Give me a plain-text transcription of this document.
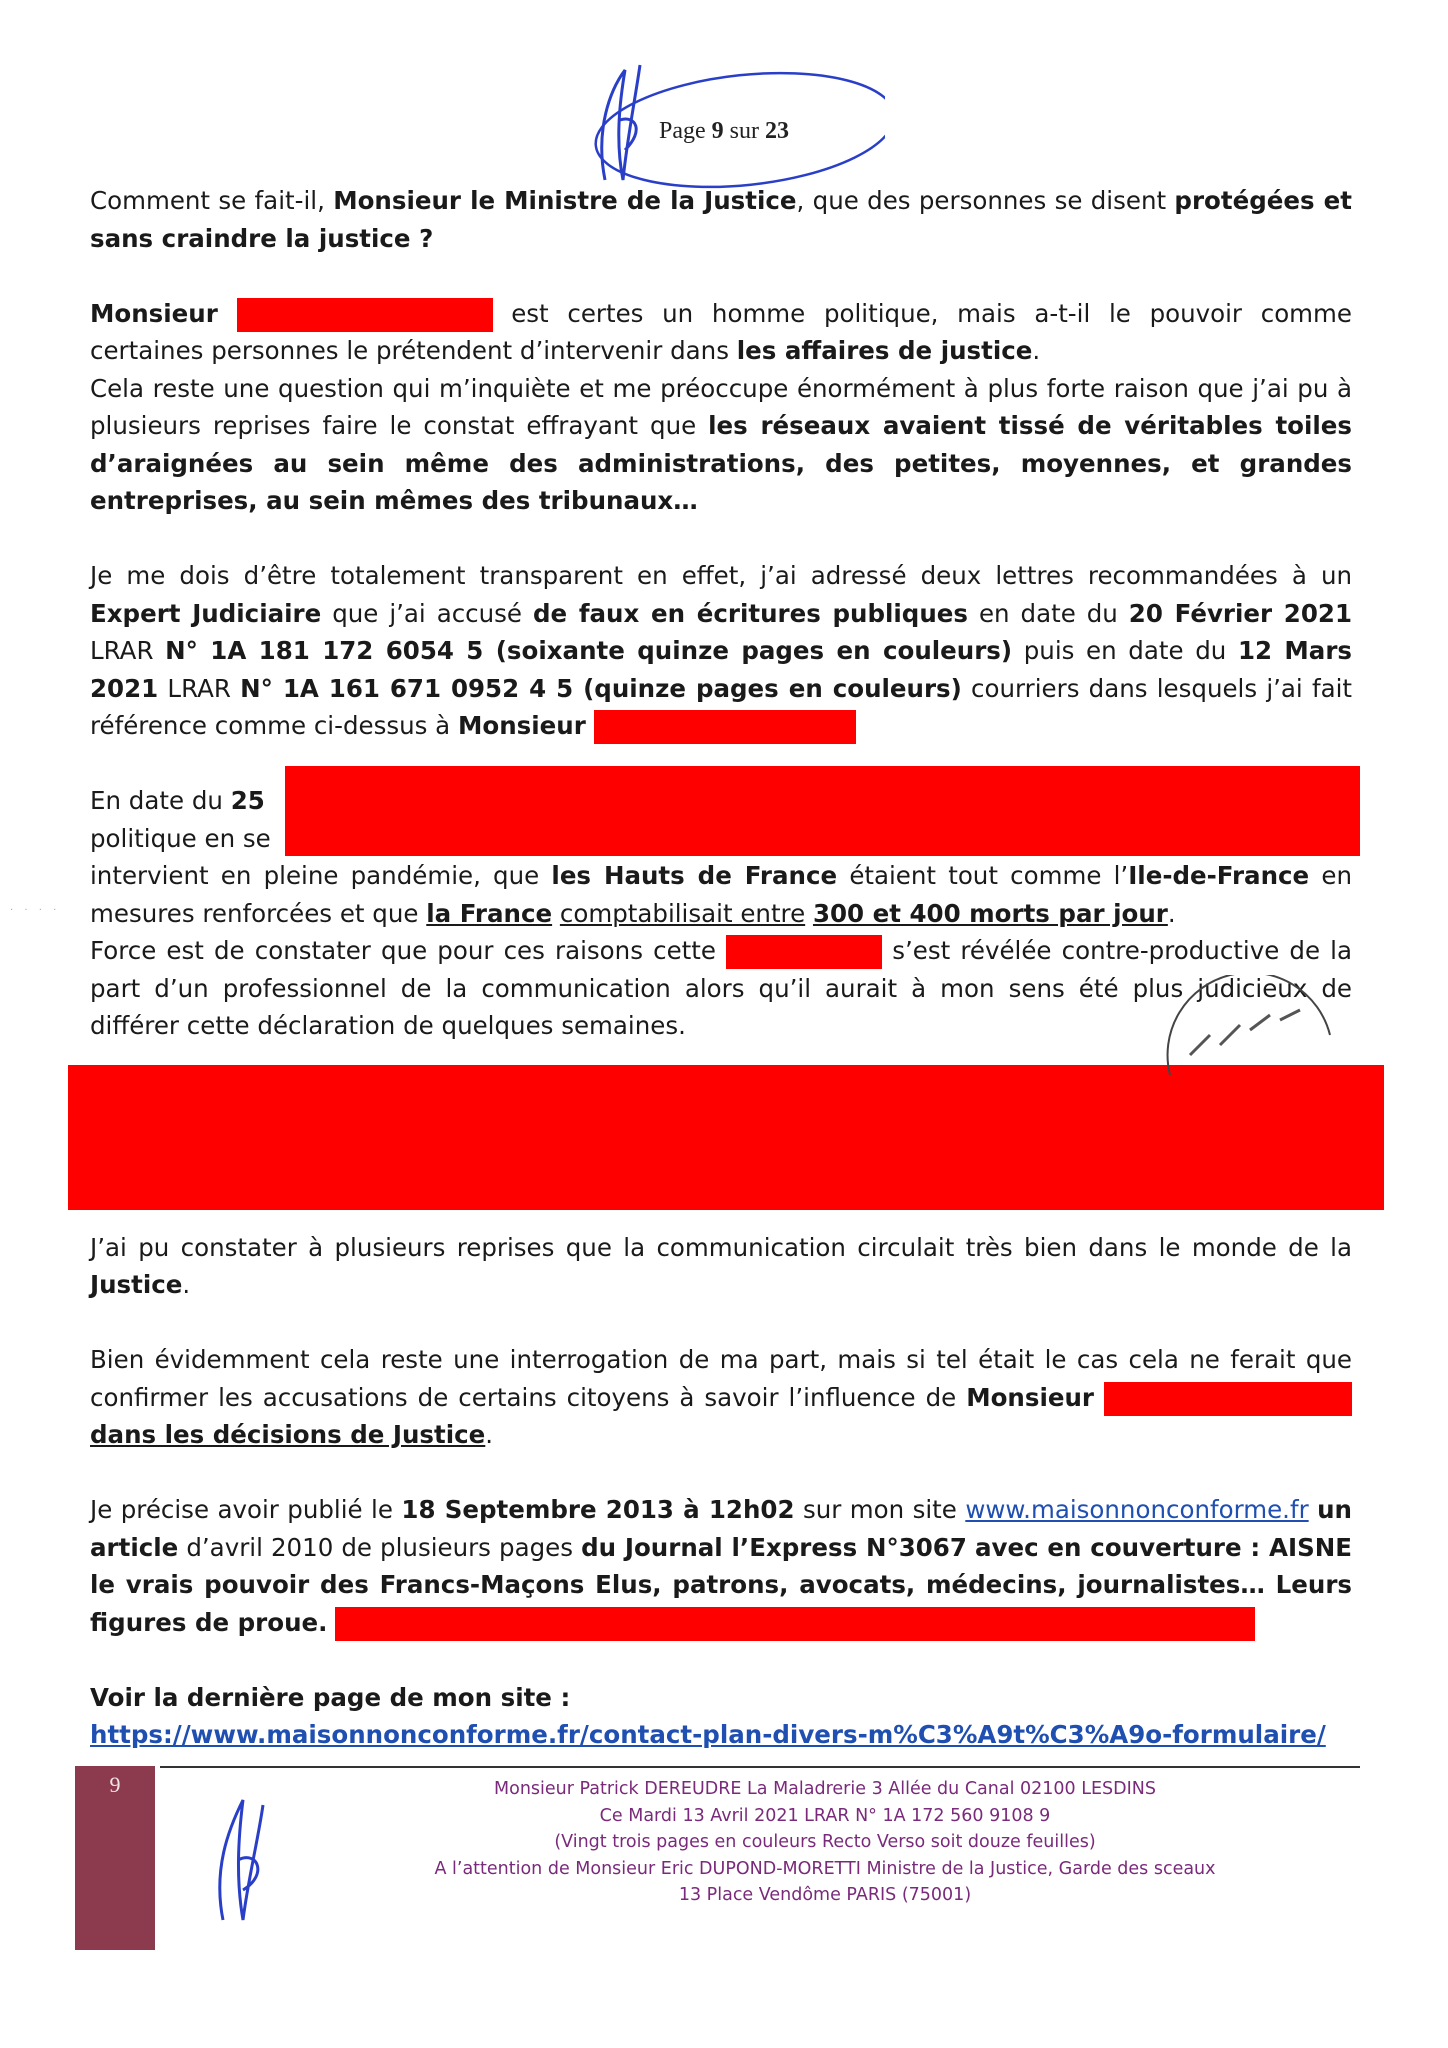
Page 9 sur 23

Comment se fait-il, Monsieur le Ministre de la Justice, que des personnes se disent protégées et sans craindre la justice ?

Monsieur	est certes un homme politique, mais a-t-il le pouvoir comme certaines personnes le prétendent d’intervenir dans les affaires de justice.

Cela reste une question qui m’inquiète et me préoccupe énormément à plus forte raison que j’ai pu à plusieurs reprises faire le constat effrayant que les réseaux avaient tissé de véritables toiles d’araignées au sein même des administrations, des petites, moyennes, et grandes entreprises, au sein mêmes des tribunaux…

Je me dois d’être totalement transparent en effet, j’ai adressé deux lettres recommandées à un Expert Judiciaire que j’ai accusé de faux en écritures publiques en date du 20 Février 2021 LRAR N° 1A 181 172 6054 5 (soixante quinze pages en couleurs) puis en date du 12 Mars 2021 LRAR N° 1A 161 671 0952 4 5 (quinze pages en couleurs) courriers dans lesquels j’ai fait référence comme ci-dessus à Monsieur

En date du 25
politique en se

intervient en pleine pandémie, que les Hauts de France étaient tout comme l’Ile-de-France en mesures renforcées et que la France comptabilisait entre 300 et 400 morts par jour.

Force est de constater que pour ces raisons cette	s’est révélée contre-productive de la part d’un professionnel de la communication alors qu’il aurait à mon sens été plus judicieux de différer cette déclaration de quelques semaines.

J’ai pu constater à plusieurs reprises que la communication circulait très bien dans le monde de la Justice.

Bien évidemment cela reste une interrogation de ma part, mais si tel était le cas cela ne ferait que confirmer les accusations de certains citoyens à savoir l’influence de Monsieur  dans les décisions de Justice.

Je précise avoir publié le 18 Septembre 2013 à 12h02 sur mon site www.maisonnonconforme.fr un article d’avril 2010 de plusieurs pages du Journal l’Express N°3067 avec en couverture : AISNE le vrais pouvoir des Francs-Maçons Elus, patrons, avocats, médecins, journalistes… Leurs figures de proue.

Voir la dernière page de mon site :
https://www.maisonnonconforme.fr/contact-plan-divers-m%C3%A9t%C3%A9o-formulaire/

· · · ·
9	Monsieur Patrick DEREUDRE La Maladrerie 3 Allée du Canal 02100 LESDINS
Ce Mardi 13 Avril 2021 LRAR N° 1A 172 560 9108 9
(Vingt trois pages en couleurs Recto Verso soit douze feuilles)
A l’attention de Monsieur Eric DUPOND-MORETTI Ministre de la Justice, Garde des sceaux
13 Place Vendôme PARIS (75001)
